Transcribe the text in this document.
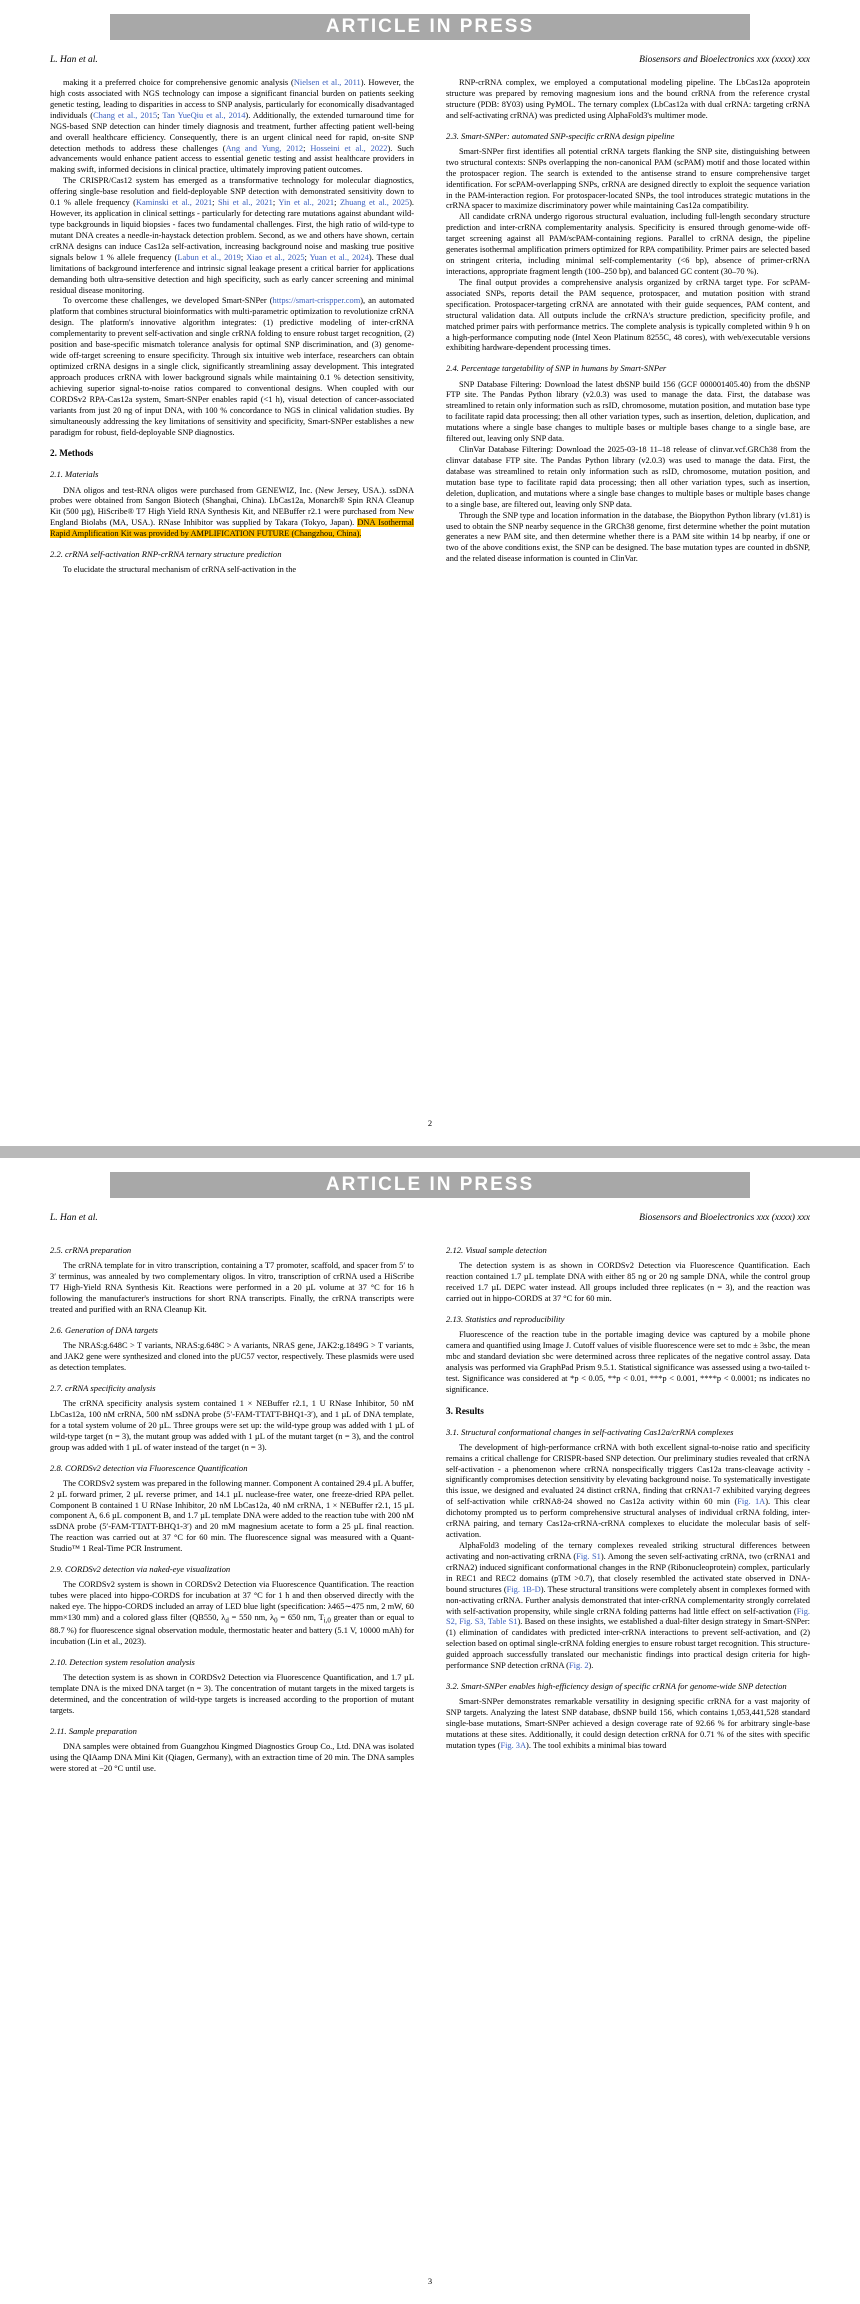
ARTICLE IN PRESS
L. Han et al.	Biosensors and Bioelectronics xxx (xxxx) xxx

making it a preferred choice for comprehensive genomic analysis (Nielsen et al., 2011). However, the high costs associated with NGS technology can impose a significant financial burden on patients seeking genetic testing, leading to disparities in access to SNP analysis, particularly for economically disadvantaged individuals (Chang et al., 2015; Tan YueQiu et al., 2014). Additionally, the extended turnaround time for NGS-based SNP detection can hinder timely diagnosis and treatment, further affecting patient well-being and overall healthcare efficiency. Consequently, there is an urgent clinical need for rapid, on-site SNP detection methods to address these challenges (Ang and Yung, 2012; Hosseini et al., 2022). Such advancements would enhance patient access to essential genetic testing and assist healthcare providers in making swift, informed decisions in clinical practice, ultimately improving patient outcomes.

The CRISPR/Cas12 system has emerged as a transformative technology for molecular diagnostics, offering single-base resolution and field-deployable SNP detection with demonstrated sensitivity down to 0.1 % allele frequency (Kaminski et al., 2021; Shi et al., 2021; Yin et al., 2021; Zhuang et al., 2025). However, its application in clinical settings - particularly for detecting rare mutations against abundant wild-type backgrounds in liquid biopsies - faces two fundamental challenges. First, the high ratio of wild-type to mutant DNA creates a needle-in-haystack detection problem. Second, as we and others have shown, certain crRNA designs can induce Cas12a self-activation, increasing background noise and masking true positive signals below 1 % allele frequency (Labun et al., 2019; Xiao et al., 2025; Yuan et al., 2024). These dual limitations of background interference and intrinsic signal leakage present a critical barrier for applications demanding both ultra-sensitive detection and high specificity, such as early cancer screening and minimal residual disease monitoring.

To overcome these challenges, we developed Smart-SNPer (https://smart-crispper.com), an automated platform that combines structural bioinformatics with multi-parametric optimization to revolutionize crRNA design. The platform's innovative algorithm integrates: (1) predictive modeling of inter-crRNA complementarity to prevent self-activation and single crRNA folding to ensure robust target recognition, (2) position and base-specific mismatch tolerance analysis for optimal SNP discrimination, and (3) genome-wide off-target screening to ensure specificity. Through six intuitive web interface, researchers can obtain optimized crRNA designs in a single click, significantly streamlining assay development. This integrated approach produces crRNA with lower background signals while maintaining 0.1 % detection sensitivity, achieving superior signal-to-noise ratios compared to conventional designs. When coupled with our CORDSv2 RPA-Cas12a system, Smart-SNPer enables rapid (<1 h), visual detection of cancer-associated variants from just 20 ng of input DNA, with 100 % concordance to NGS in clinical validation studies. By simultaneously addressing the key limitations of sensitivity and specificity, Smart-SNPer establishes a new paradigm for robust, field-deployable SNP diagnostics.

2. Methods
2.1. Materials

DNA oligos and test-RNA oligos were purchased from GENEWIZ, Inc. (New Jersey, USA.). ssDNA probes were obtained from Sangon Biotech (Shanghai, China). LbCas12a, Monarch® Spin RNA Cleanup Kit (500 µg), HiScribe® T7 High Yield RNA Synthesis Kit, and NEBuffer r2.1 were purchased from New England Biolabs (MA, USA.). RNase Inhibitor was supplied by Takara (Tokyo, Japan). DNA Isothermal Rapid Amplification Kit was provided by AMPLIFICATION FUTURE (Changzhou, China).

2.2. crRNA self-activation RNP-crRNA ternary structure prediction

To elucidate the structural mechanism of crRNA self-activation in the

RNP-crRNA complex, we employed a computational modeling pipeline. The LbCas12a apoprotein structure was prepared by removing magnesium ions and the bound crRNA from the reference crystal structure (PDB: 8Y03) using PyMOL. The ternary complex (LbCas12a with dual crRNA: targeting crRNA and self-activating crRNA) was predicted using AlphaFold3's multimer mode.

2.3. Smart-SNPer: automated SNP-specific crRNA design pipeline

Smart-SNPer first identifies all potential crRNA targets flanking the SNP site, distinguishing between two structural contexts: SNPs overlapping the non-canonical PAM (scPAM) motif and those located within the protospacer region. The search is extended to the antisense strand to ensure comprehensive target identification. For scPAM-overlapping SNPs, crRNA are designed directly to exploit the sequence variation in the PAM-interaction region. For protospacer-located SNPs, the tool introduces strategic mutations in the crRNA spacer to maximize discriminatory power while maintaining Cas12a compatibility.

All candidate crRNA undergo rigorous structural evaluation, including full-length secondary structure prediction and inter-crRNA complementarity analysis. Specificity is ensured through genome-wide off-target screening against all PAM/scPAM-containing regions. Parallel to crRNA design, the pipeline generates isothermal amplification primers optimized for RPA compatibility. Primer pairs are selected based on stringent criteria, including minimal self-complementarity (<6 bp), absence of primer-crRNA interactions, appropriate fragment length (100–250 bp), and balanced GC content (30–70 %).

The final output provides a comprehensive analysis organized by crRNA target type. For scPAM-associated SNPs, reports detail the PAM sequence, protospacer, and mutation position with strand specification. Protospacer-targeting crRNA are annotated with their guide sequences, PAM content, and structural validation data. All outputs include the crRNA's structure prediction, specificity profile, and matched primer pairs with performance metrics. The complete analysis is typically completed within 9 h on a high-performance computing node (Intel Xeon Platinum 8255C, 48 cores), with web/executable versions exhibiting hardware-dependent processing times.

2.4. Percentage targetability of SNP in humans by Smart-SNPer

SNP Database Filtering: Download the latest dbSNP build 156 (GCF 000001405.40) from the dbSNP FTP site. The Pandas Python library (v2.0.3) was used to manage the data. First, the database was streamlined to retain only information such as rsID, chromosome, mutation position, and mutation base type to facilitate rapid data processing; then all other variation types, such as insertion, deletion, duplication, and mutations where a single base changes to multiple bases or multiple bases change to a single base, are filtered out, leaving only SNP data.

ClinVar Database Filtering: Download the 2025-03-18 11–18 release of clinvar.vcf.GRCh38 from the clinvar database FTP site. The Pandas Python library (v2.0.3) was used to manage the data. First, the database was streamlined to retain only information such as rsID, chromosome, mutation position, and mutation base type to facilitate rapid data processing; then all other variation types, such as insertion, deletion, duplication, and mutations where a single base changes to multiple bases or multiple bases change to a single base, are filtered out, leaving only SNP data.

Through the SNP type and location information in the database, the Biopython Python library (v1.81) is used to obtain the SNP nearby sequence in the GRCh38 genome, first determine whether the point mutation generates a new PAM site, and then determine whether there is a PAM site within 14 bp nearby, if one or two of the above conditions exist, the SNP can be designed. The base mutation types are counted in dbSNP, and the related disease information is counted in ClinVar.

2
ARTICLE IN PRESS
L. Han et al.	Biosensors and Bioelectronics xxx (xxxx) xxx
2.5. crRNA preparation

The crRNA template for in vitro transcription, containing a T7 promoter, scaffold, and spacer from 5′ to 3′ terminus, was annealed by two complementary oligos. In vitro, transcription of crRNA used a HiScribe T7 High-Yield RNA Synthesis Kit. Reactions were performed in a 20 µL volume at 37 °C for 16 h following the manufacturer's instructions for short RNA transcripts. Finally, the crRNA transcripts were treated and purified with an RNA Cleanup Kit.

2.6. Generation of DNA targets

The NRAS:g.648C > T variants, NRAS:g.648C > A variants, NRAS gene, JAK2:g.1849G > T variants, and JAK2 gene were synthesized and cloned into the pUC57 vector, respectively. These plasmids were used as detection templates.

2.7. crRNA specificity analysis

The crRNA specificity analysis system contained 1 × NEBuffer r2.1, 1 U RNase Inhibitor, 50 nM LbCas12a, 100 nM crRNA, 500 nM ssDNA probe (5′-FAM-TTATT-BHQ1-3′), and 1 µL of DNA template, for a total system volume of 20 µL. Three groups were set up: the wild-type group was added with 1 µL of wild-type target (n = 3), the mutant group was added with 1 µL of the mutant target (n = 3), and the control group was added with 1 µL of water instead of the target (n = 3).

2.8. CORDSv2 detection via Fluorescence Quantification

The CORDSv2 system was prepared in the following manner. Component A contained 29.4 µL A buffer, 2 µL forward primer, 2 µL reverse primer, and 14.1 µL nuclease-free water, one freeze-dried RPA pellet. Component B contained 1 U RNase Inhibitor, 20 nM LbCas12a, 40 nM crRNA, 1 × NEBuffer r2.1, 15 µL component A, 6.6 µL component B, and 1.7 µL template DNA were added to the reaction tube with 200 nM ssDNA probe (5′-FAM-TTATT-BHQ1-3′) and 20 mM magnesium acetate to form a 25 µL final reaction. The reaction was carried out at 37 °C for 60 min. The fluorescence signal was measured with a Quant-Studio™ 1 Real-Time PCR Instrument.

2.9. CORDSv2 detection via naked-eye visualization

The CORDSv2 system is shown in CORDSv2 Detection via Fluorescence Quantification. The reaction tubes were placed into hippo-CORDS for incubation at 37 °C for 1 h and then observed directly with the naked eye. The hippo-CORDS included an array of LED blue light (specification: λ465∼475 nm, 2 mW, 60 mm×130 mm) and a colored glass filter (QB550, $\lambda_d = 550$ nm, $\lambda_0 = 650$ nm, $T_{i,0}$ greater than or equal to 88.7 %) for fluorescence signal observation module, thermostatic heater and battery (5.1 V, 10000 mAh) for incubation (Lin et al., 2023).

2.10. Detection system resolution analysis

The detection system is as shown in CORDSv2 Detection via Fluorescence Quantification, and 1.7 µL template DNA is the mixed DNA target (n = 3). The concentration of mutant targets in the mixed targets is determined, and the concentration of wild-type targets is increased according to the proportion of mutant targets.

2.11. Sample preparation

DNA samples were obtained from Guangzhou Kingmed Diagnostics Group Co., Ltd. DNA was isolated using the QIAamp DNA Mini Kit (Qiagen, Germany), with an extraction time of 20 min. The DNA samples were stored at −20 °C until use.

2.12. Visual sample detection

The detection system is as shown in CORDSv2 Detection via Fluorescence Quantification. Each reaction contained 1.7 µL template DNA with either 85 ng or 20 ng sample DNA, while the control group received 1.7 µL DEPC water instead. All groups included three replicates (n = 3), and the reaction was carried out in hippo-CORDS at 37 °C for 60 min.

2.13. Statistics and reproducibility

Fluorescence of the reaction tube in the portable imaging device was captured by a mobile phone camera and quantified using Image J. Cutoff values of visible fluorescence were set to mdc ± 3sbc, the mean mbc and standard deviation sbc were determined across three replicates of the negative control assay. Data analysis was performed via GraphPad Prism 9.5.1. Statistical significance was assessed using a two-tailed t-test. Significance was considered at *p < 0.05, **p < 0.01, ***p < 0.001, ****p < 0.0001; ns indicates no significance.

3. Results
3.1. Structural conformational changes in self-activating Cas12a/crRNA complexes

The development of high-performance crRNA with both excellent signal-to-noise ratio and specificity remains a critical challenge for CRISPR-based SNP detection. Our preliminary studies revealed that crRNA self-activation - a phenomenon where crRNA nonspecifically triggers Cas12a trans-cleavage activity - significantly compromises detection sensitivity by elevating background noise. To systematically investigate this issue, we designed and evaluated 24 distinct crRNA, finding that crRNA1-7 exhibited varying degrees of self-activation while crRNA8-24 showed no Cas12a activity within 60 min (Fig. 1A). This clear dichotomy prompted us to perform comprehensive structural analyses of individual crRNA folding, inter-crRNA pairing, and ternary Cas12a-crRNA-crRNA complexes to elucidate the molecular basis of self-activation.

AlphaFold3 modeling of the ternary complexes revealed striking structural differences between activating and non-activating crRNA (Fig. S1). Among the seven self-activating crRNA, two (crRNA1 and crRNA2) induced significant conformational changes in the RNP (Ribonucleoprotein) complex, particularly in REC1 and REC2 domains (pTM >0.7), that closely resembled the activated state observed in DNA-bound structures (Fig. 1B-D). These structural transitions were completely absent in complexes formed with non-activating crRNA. Further analysis demonstrated that inter-crRNA complementarity strongly correlated with self-activation propensity, while single crRNA folding patterns had little effect on self-activation (Fig. S2, Fig. S3, Table S1). Based on these insights, we established a dual-filter design strategy in Smart-SNPer: (1) elimination of candidates with predicted inter-crRNA interactions to prevent self-activation, and (2) selection based on optimal single-crRNA folding energies to ensure robust target recognition. This structure-guided approach successfully translated our mechanistic findings into practical design criteria for high-performance SNP detection crRNA (Fig. 2).

3.2. Smart-SNPer enables high-efficiency design of specific crRNA for genome-wide SNP detection

Smart-SNPer demonstrates remarkable versatility in designing specific crRNA for a vast majority of SNP targets. Analyzing the latest SNP database, dbSNP build 156, which contains 1,053,441,528 standard single-base mutations, Smart-SNPer achieved a design coverage rate of 92.66 % for arbitrary single-base mutations at these sites. Additionally, it could design detection crRNA for 0.71 % of the sites with specific mutation types (Fig. 3A). The tool exhibits a minimal bias toward

3
